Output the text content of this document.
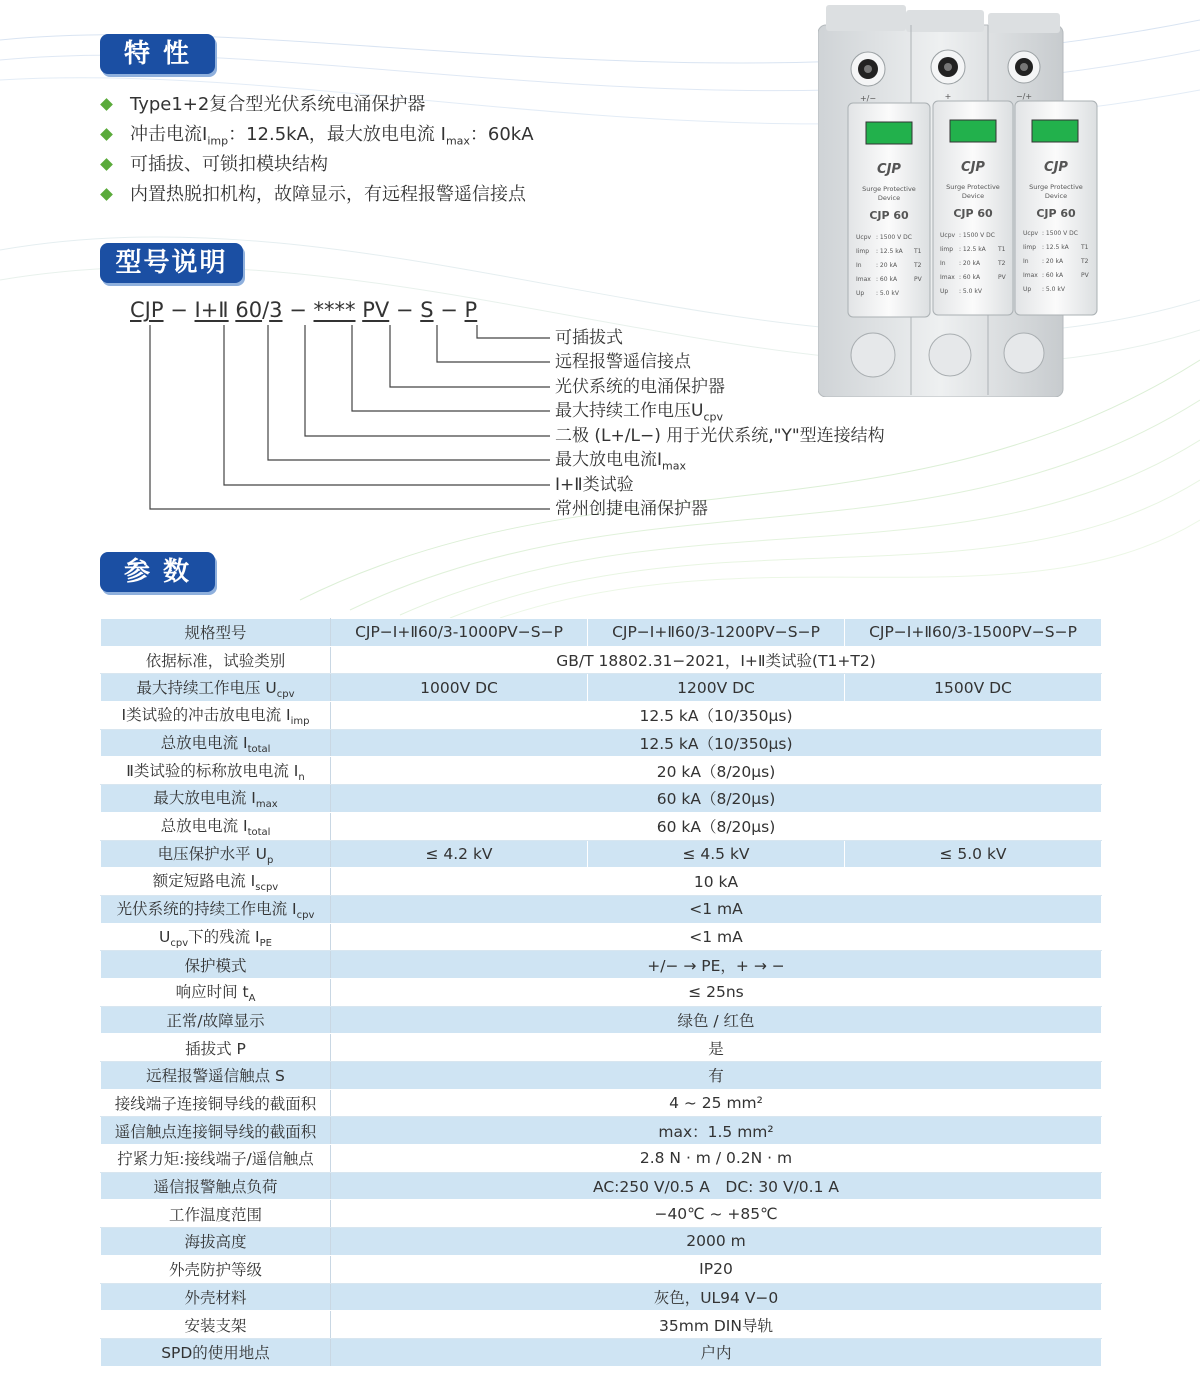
特 性
型号说明
参 数
Type1+2复合型光伏系统电涌保护器
冲击电流$I_{imp}$：12.5kA，最大放电电流 $I_{max}$：60kA
可插拔、可锁扣模块结构
内置热脱扣机构，故障显示，有远程报警遥信接点
CJP − Ⅰ+Ⅱ 60/3 − **** PV − S − P
可插拔式
远程报警遥信接点
光伏系统的电涌保护器
最大持续工作电压$U_{cpv}$
二极 (L+/L−) 用于光伏系统,"Y"型连接结构
最大放电电流$I_{max}$
Ⅰ+Ⅱ类试验
常州创捷电涌保护器
CJP	CJP	CJP
Surge Protective	Surge Protective	Surge Protective
Device	Device	Device
CJP 60	CJP 60	CJP 60
: 1500 V DC
: 12.5 kA
: 20 kA
: 60 kA
: 5.0 kV
: 1500 V DC
: 12.5 kA
: 20 kA
: 60 kA
: 5.0 kV
: 1500 V DC
: 12.5 kA
: 20 kA
: 60 kA
: 5.0 kV
Ucpv
Iimp
In
Imax
Up
Ucpv
Iimp
In
Imax
Up
Ucpv
Iimp
In
Imax
Up
T1
T2
PV
T1
T2
PV
T1
T2
PV
+/−	+	−/+
规格型号	CJP−Ⅰ+Ⅱ60/3-1000PV−S−P	CJP−Ⅰ+Ⅱ60/3-1200PV−S−P	CJP−Ⅰ+Ⅱ60/3-1500PV−S−P
依据标准，试验类别	GB/T 18802.31−2021，Ⅰ+Ⅱ类试验(T1+T2)		
最大持续工作电压 $U_{cpv}$	1000V DC	1200V DC	1500V DC
Ⅰ类试验的冲击放电电流 $I_{imp}$	12.5 kA（10/350μs)		
总放电电流 $I_{total}$	12.5 kA（10/350μs)		
Ⅱ类试验的标称放电电流 $I_n$	20 kA（8/20μs)		
最大放电电流 $I_{max}$	60 kA（8/20μs)		
总放电电流 $I_{total}$	60 kA（8/20μs)		
电压保护水平 $U_p$	≤ 4.2 kV	≤ 4.5 kV	≤ 5.0 kV
额定短路电流 $I_{scpv}$	10 kA		
光伏系统的持续工作电流 $I_{cpv}$	<1 mA		
$U_{cpv}$下的残流 $I_{PE}$	<1 mA		
保护模式	+/− → PE，+ → −		
响应时间 $t_A$	≤ 25ns		
正常/故障显示	绿色 / 红色		
插拔式 P	是		
远程报警遥信触点 S	有		
接线端子连接铜导线的截面积	4 ~ 25 mm²		
遥信触点连接铜导线的截面积	max：1.5 mm²		
拧紧力矩:接线端子/遥信触点	2.8 N · m / 0.2N · m		
遥信报警触点负荷	AC:250 V/0.5 A　DC: 30 V/0.1 A		
工作温度范围	−40℃ ~ +85℃		
海拔高度	2000 m		
外壳防护等级	IP20		
外壳材料	灰色，UL94 V−0		
安装支架	35mm DIN导轨		
SPD的使用地点	户内		
